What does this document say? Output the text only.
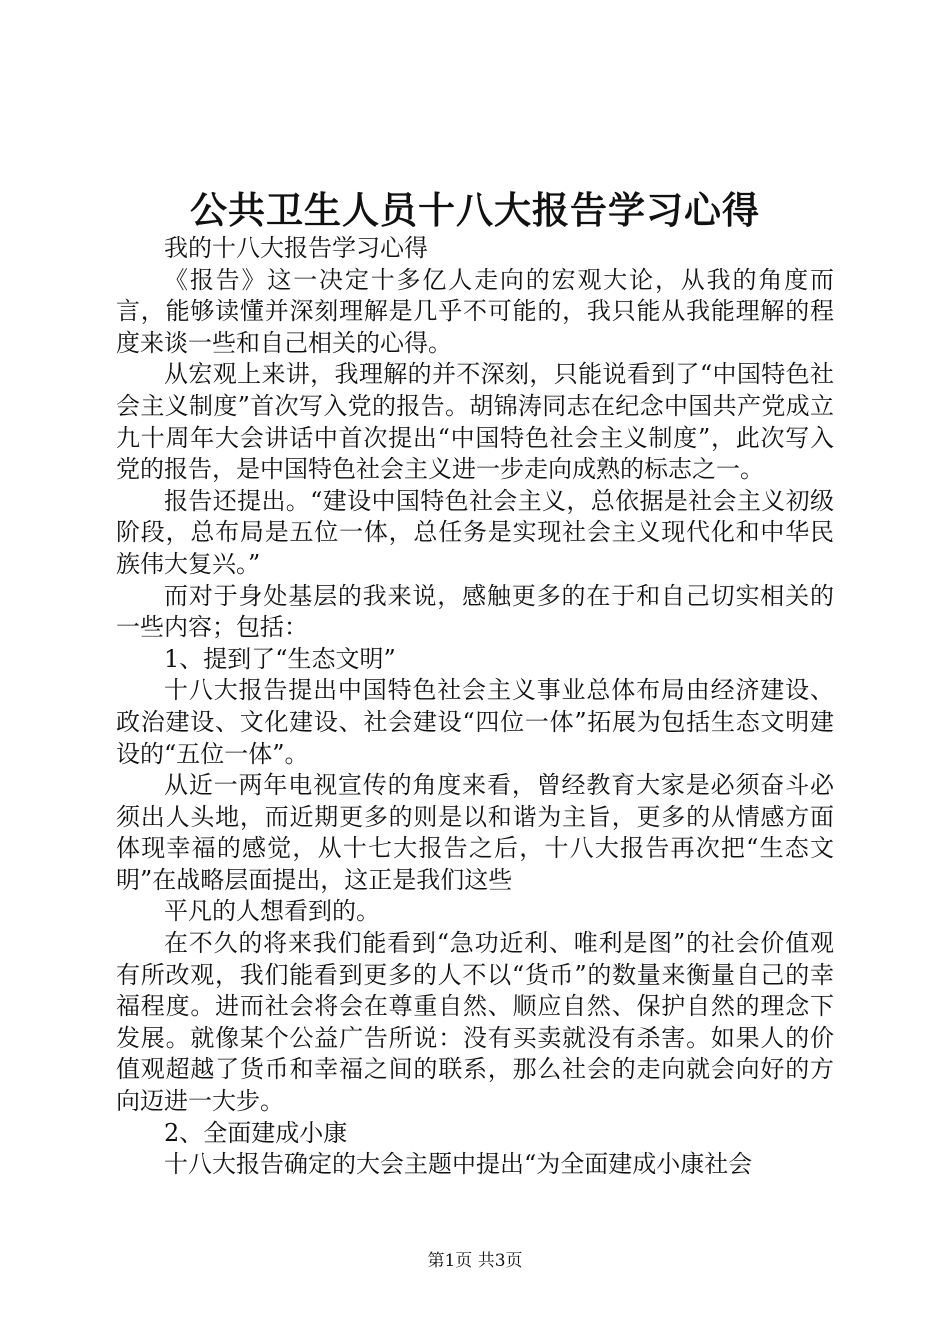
公共卫生人员十八大报告学习心得

我的十八大报告学习心得

《报告》这一决定十多亿人走向的宏观大论，从我的角度而言，能够读懂并深刻理解是几乎不可能的，我只能从我能理解的程度来谈一些和自己相关的心得。

从宏观上来讲，我理解的并不深刻，只能说看到了“中国特色社会主义制度”首次写入党的报告。胡锦涛同志在纪念中国共产党成立九十周年大会讲话中首次提出“中国特色社会主义制度”，此次写入党的报告，是中国特色社会主义进一步走向成熟的标志之一。

报告还提出。“建设中国特色社会主义，总依据是社会主义初级阶段，总布局是五位一体，总任务是实现社会主义现代化和中华民族伟大复兴。”

而对于身处基层的我来说，感触更多的在于和自己切实相关的一些内容；包括：

1、提到了“生态文明”

十八大报告提出中国特色社会主义事业总体布局由经济建设、政治建设、文化建设、社会建设“四位一体”拓展为包括生态文明建设的“五位一体”。

从近一两年电视宣传的角度来看，曾经教育大家是必须奋斗必须出人头地，而近期更多的则是以和谐为主旨，更多的从情感方面体现幸福的感觉，从十七大报告之后，十八大报告再次把“生态文明”在战略层面提出，这正是我们这些

平凡的人想看到的。

在不久的将来我们能看到“急功近利、唯利是图”的社会价值观有所改观，我们能看到更多的人不以“货币”的数量来衡量自己的幸福程度。进而社会将会在尊重自然、顺应自然、保护自然的理念下发展。就像某个公益广告所说：没有买卖就没有杀害。如果人的价值观超越了货币和幸福之间的联系，那么社会的走向就会向好的方向迈进一大步。

2、全面建成小康

十八大报告确定的大会主题中提出“为全面建成小康社会

第1页 共3页
